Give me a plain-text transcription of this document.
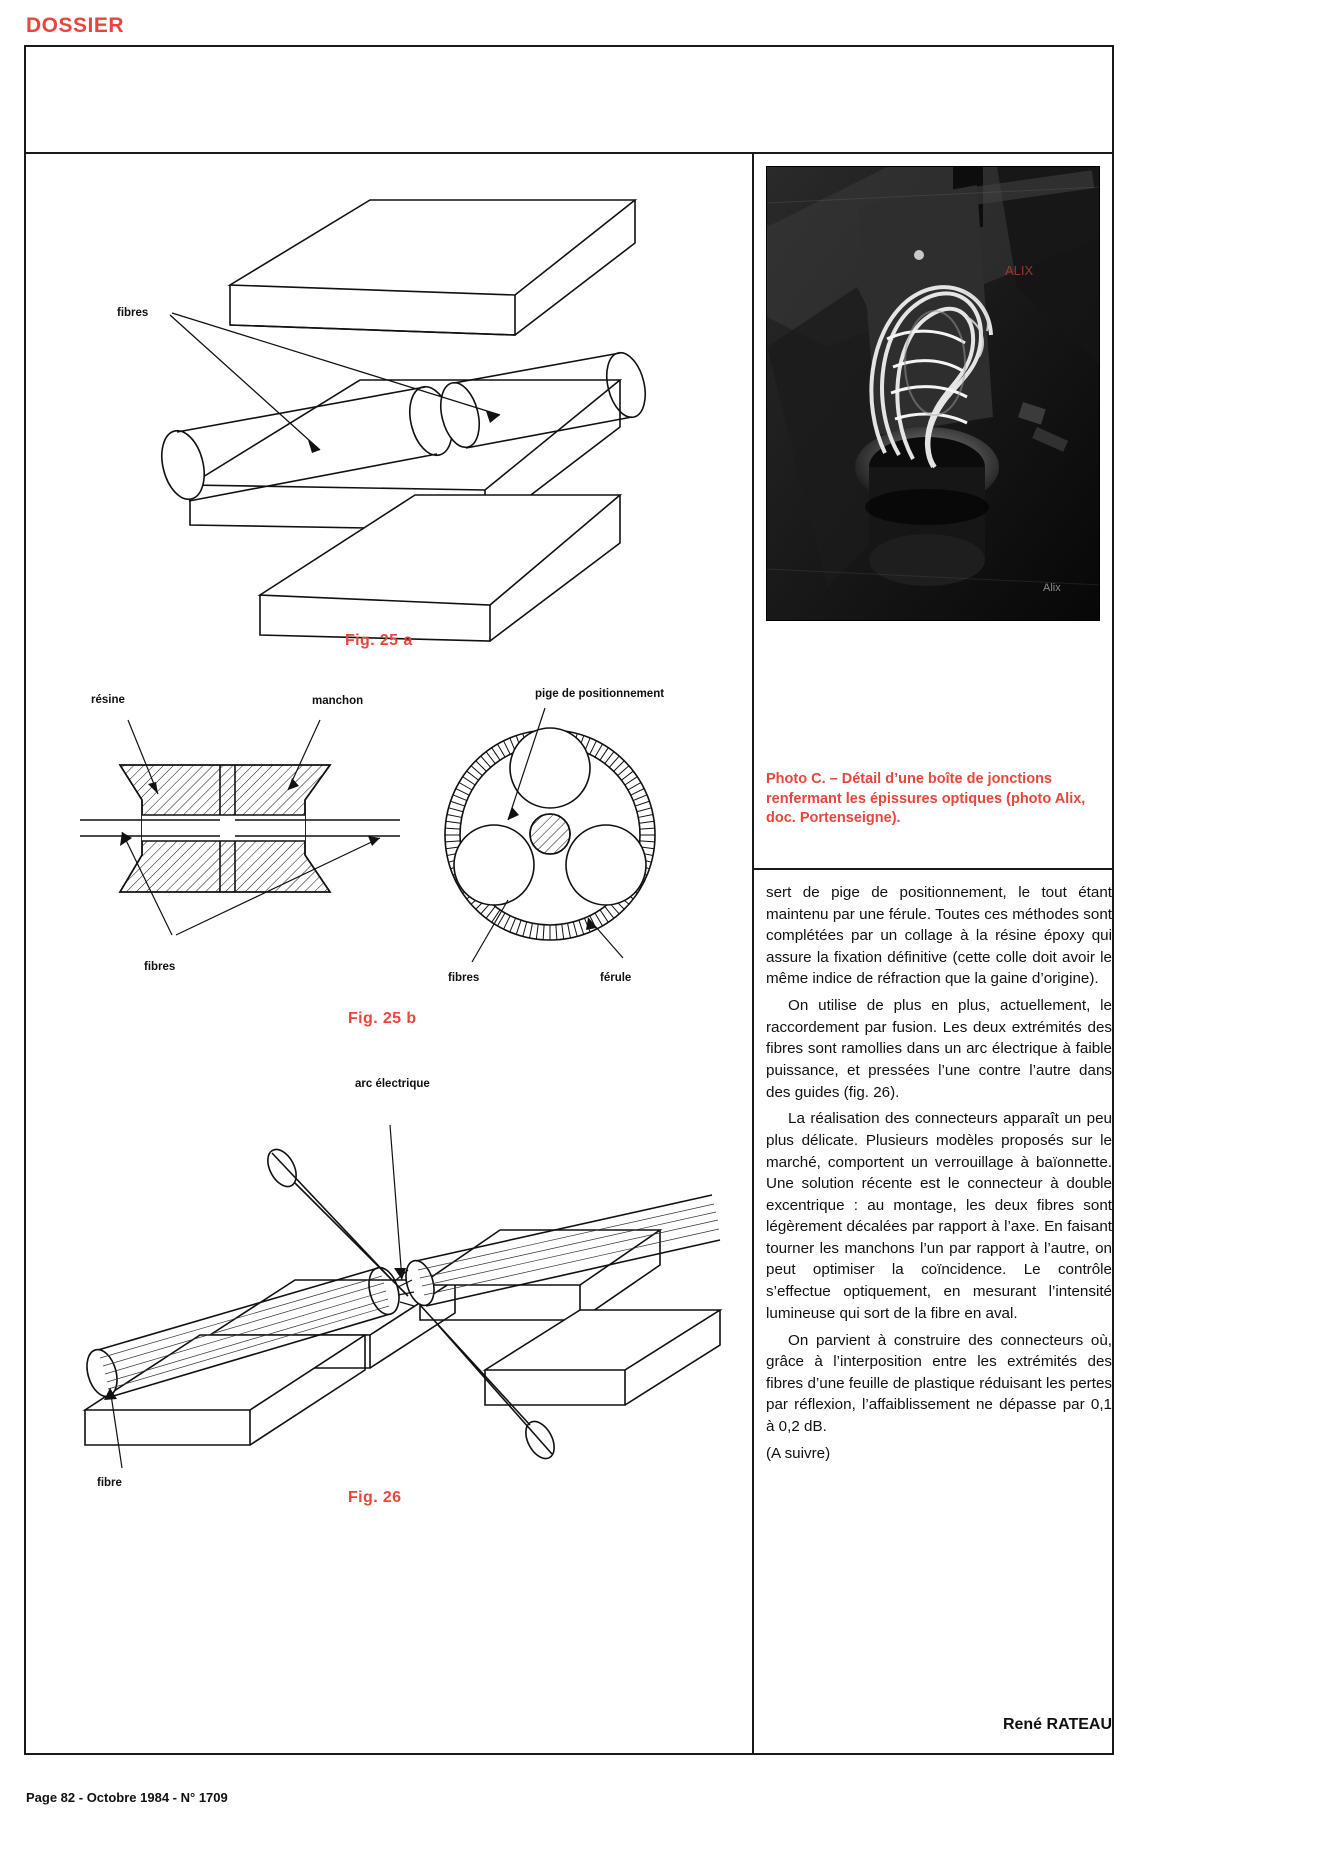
DOSSIER
fibres
Fig. 25 a
résine	manchon
fibres
pige de positionnement
fibres	férule
Fig. 25 b
arc électrique
fibre
Fig. 26
ALIX
Alix
Photo C. – Détail d’une boîte de jonctions renfermant les épissures optiques (photo Alix, doc. Portenseigne).

sert de pige de positionnement, le tout étant maintenu par une férule. Toutes ces méthodes sont complétées par un collage à la résine époxy qui assure la fixation définitive (cette colle doit avoir le même indice de réfraction que la gaine d’origine).

On utilise de plus en plus, actuellement, le raccordement par fusion. Les deux extrémités des fibres sont ramollies dans un arc électrique à faible puissance, et pressées l’une contre l’autre dans des guides (fig. 26).

La réalisation des connecteurs apparaît un peu plus délicate. Plusieurs modèles proposés sur le marché, comportent un verrouillage à baïonnette. Une solution récente est le connecteur à double excentrique : au montage, les deux fibres sont légèrement décalées par rapport à l’axe. En faisant tourner les manchons l’un par rapport à l’autre, on peut optimiser la coïncidence. Le contrôle s’effectue optiquement, en mesurant l’intensité lumineuse qui sort de la fibre en aval.

On parvient à construire des connecteurs où, grâce à l’interposition entre les extrémités des fibres d’une feuille de plastique réduisant les pertes par réflexion, l’affaiblissement ne dépasse par 0,1 à 0,2 dB.

(A suivre)

René RATEAU
Page 82 - Octobre 1984 - N° 1709
